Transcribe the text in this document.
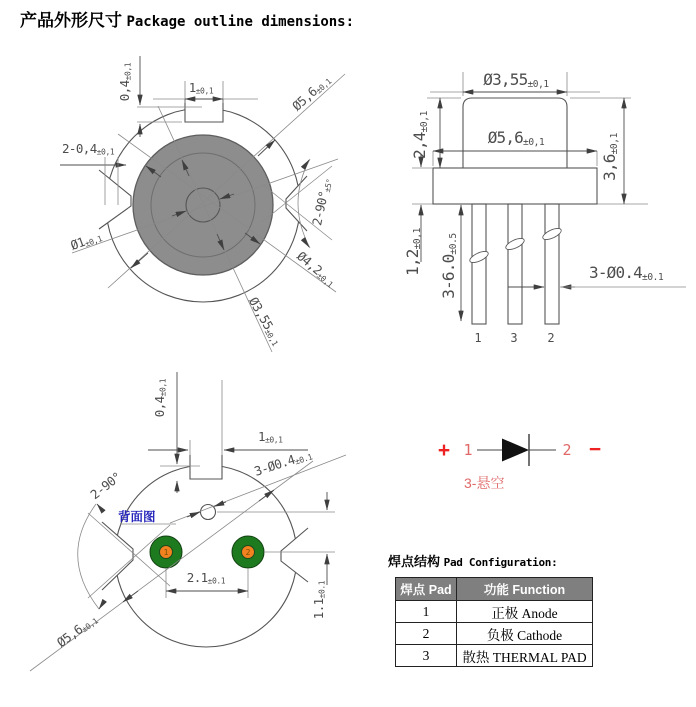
产品外形尺寸 Package outline dimensions:
0,4±0,1
1±0,1	Ø5,6±0,1
2-0,4±0,1
2-90°±5°
Ø1±0,1
Ø4,2±0,1
Ø3,55±0,1
Ø3,55±0,1
2,4±0,1
Ø5,6±0,1
3,6±0,1
1,2±0,1
3-6.0±0.5
3-Ø0.4±0.1
1 3 2
1	2
0,4±0,1
1±0,1
2-90°
3-Ø0.4±0.1
背面图
2.1±0.1
1.1±0.1
Ø5,6±0,1
+ 1	2 −
3-悬空
焊点结构 Pad Configuration:
焊点 Pad	功能 Function
1	正极 Anode
2	负极 Cathode
3	散热 THERMAL PAD
